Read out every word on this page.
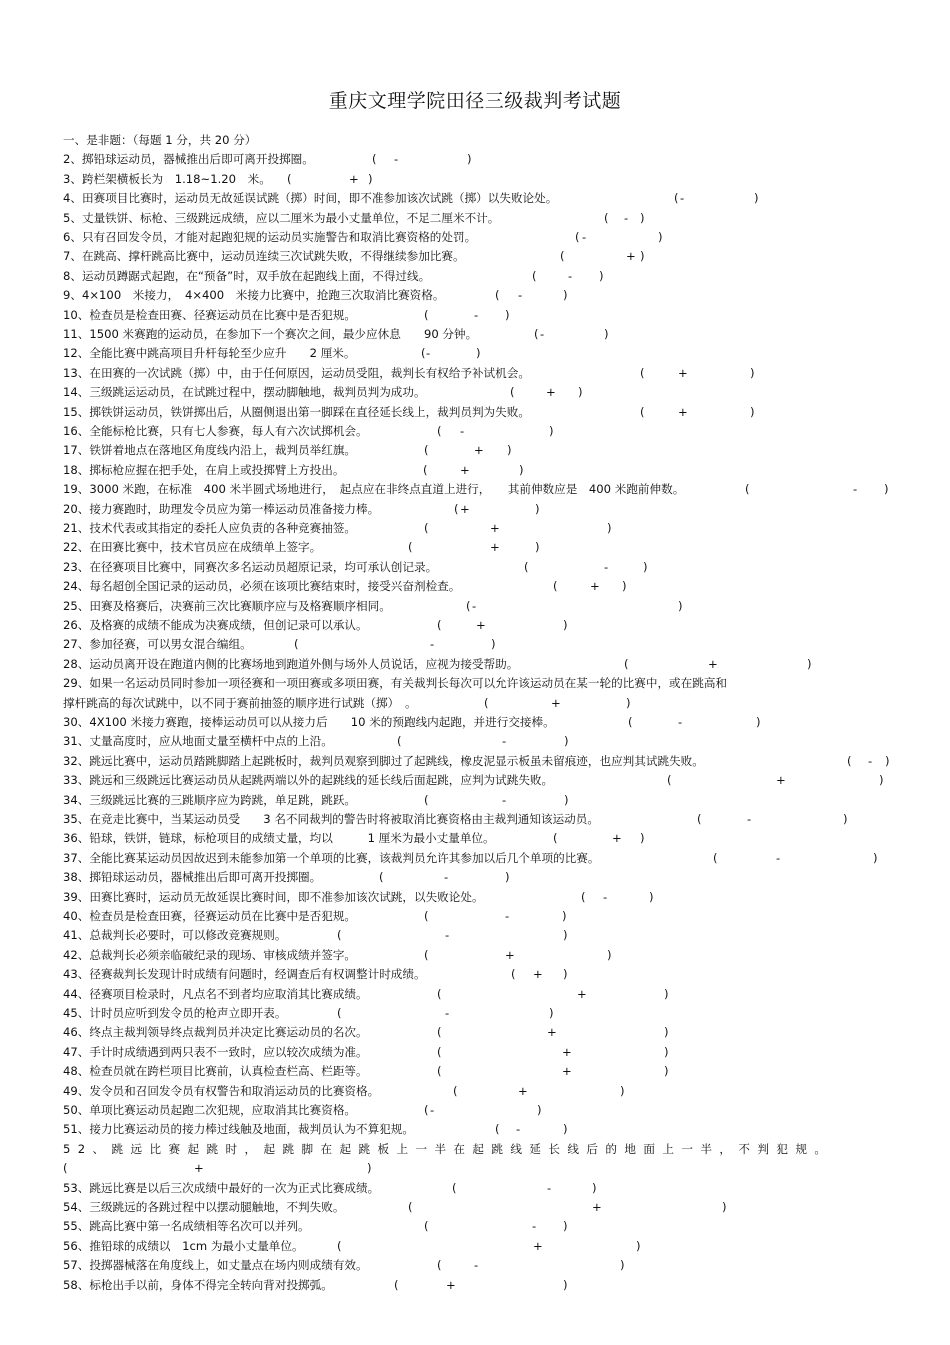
重庆文理学院田径三级裁判考试题
一、是非题：（每题 1 分，共 20 分）
2、掷铅球运动员，器械推出后即可离开投掷圈。	( -	)
3、跨栏架横板长为　1.18~1.20　米。 (	+ )
4、田赛项目比赛时，运动员无故延误试跳（掷）时间，即不准参加该次试跳（掷）以失败论处。	( -	)
5、丈量铁饼、标枪、三级跳远成绩，应以二厘米为最小丈量单位，不足二厘米不计。	( - )
6、只有召回发令员，才能对起跑犯规的运动员实施警告和取消比赛资格的处罚。	( -	)
7、在跳高、撑杆跳高比赛中，运动员连续三次试跳失败，不得继续参加比赛。	(	+ )
8、运动员蹲踞式起跑，在“预备”时，双手放在起跑线上面，不得过线。	(	- )
9、4×100　米接力，　4×400　米接力比赛中，抢跑三次取消比赛资格。	( -	)
10、检查员是检查田赛、径赛运动员在比赛中是否犯规。	(	- )
11、1500 米赛跑的运动员，在参加下一个赛次之间，最少应休息　　90 分钟。	( -	)
12、全能比赛中跳高项目升杆每轮至少应升　　2 厘米。	( -	)
13、在田赛的一次试跳（掷）中，由于任何原因，运动员受阻，裁判长有权给予补试机会。	(	+	)
14、三级跳运运动员，在试跳过程中，摆动脚触地，裁判员判为成功。	(	+ )
15、掷铁饼运动员，铁饼掷出后，从圈侧退出第一脚踩在直径延长线上，裁判员判为失败。	(	+	)
16、全能标枪比赛，只有七人参赛，每人有六次试掷机会。	( -	)
17、铁饼着地点在落地区角度线内沿上，裁判员举红旗。	(	+ )
18、掷标枪应握在把手处，在肩上或投掷臂上方投出。	(	+	)
19、3000 米跑，在标准　400 米半圆式场地进行，　起点应在非终点直道上进行，　　其前伸数应是　400 米跑前伸数。	(	- )
20、接力赛跑时，助理发令员应为第一棒运动员准备接力棒。	( +	)
21、技术代表或其指定的委托人应负责的各种竞赛抽签。	(	+	)
22、在田赛比赛中，技术官员应在成绩单上签字。	(	+	)
23、在径赛项目比赛中，同赛次多名运动员超原记录，均可承认创记录。	(	-	)
24、每名超创全国记录的运动员，必须在该项比赛结束时，接受兴奋剂检查。	(	+ )
25、田赛及格赛后，决赛前三次比赛顺序应与及格赛顺序相同。	( -	)
26、及格赛的成绩不能成为决赛成绩，但创记录可以承认。	(	+	)
27、参加径赛，可以男女混合编组。	(	-	)
28、运动员离开设在跑道内侧的比赛场地到跑道外侧与场外人员说话，应视为接受帮助。	(	+	)
29、如果一名运动员同时参加一项径赛和一项田赛或多项田赛，有关裁判长每次可以允许该运动员在某一轮的比赛中，或在跳高和
撑杆跳高的每次试跳中，以不同于赛前抽签的顺序进行试跳（掷）　。	(	+	)
30、4X100 米接力赛跑，接棒运动员可以从接力后　　10 米的预跑线内起跑，并进行交接棒。	(	-	)
31、丈量高度时，应从地面丈量至横杆中点的上沿。	(	-	)
32、跳远比赛中，运动员踏跳脚踏上起跳板时，裁判员观察到脚过了起跳线，橡皮泥显示板虽未留痕迹，也应判其试跳失败。	( - )
33、跳远和三级跳远比赛运动员从起跳两端以外的起跳线的延长线后面起跳，应判为试跳失败。	(	+	)
34、三级跳远比赛的三跳顺序应为跨跳，单足跳，跳跃。	(	-	)
35、在竞走比赛中，当某运动员受　　3 名不同裁判的警告时将被取消比赛资格由主裁判通知该运动员。	(	-	)
36、铅球，铁饼，链球，标枪项目的成绩丈量，均以　　　1 厘米为最小丈量单位。	(	+ )
37、全能比赛某运动员因故迟到未能参加第一个单项的比赛，该裁判员允许其参加以后几个单项的比赛。	(	-	)
38、掷铅球运动员，器械推出后即可离开投掷圈。	(	-	)
39、田赛比赛时，运动员无故延误比赛时间，即不准参加该次试跳，以失败论处。	( -	)
40、检查员是检查田赛，径赛运动员在比赛中是否犯规。	(	-	)
41、总裁判长必要时，可以修改竞赛规则。	(	-	)
42、总裁判长必须亲临破纪录的现场、审核成绩并签字。	(	+	)
43、径赛裁判长发现计时成绩有问题时，经调查后有权调整计时成绩。	( + )
44、径赛项目检录时，凡点名不到者均应取消其比赛成绩。	(	+	)
45、计时员应听到发令员的枪声立即开表。	(	-	)
46、终点主裁判领导终点裁判员并决定比赛运动员的名次。	(	+	)
47、手计时成绩遇到两只表不一致时，应以较次成绩为准。	(	+	)
48、检查员就在跨栏项目比赛前，认真检查栏高、栏距等。	(	+	)
49、发令员和召回发令员有权警告和取消运动员的比赛资格。	(	+	)
50、单项比赛运动员起跑二次犯规，应取消其比赛资格。	( -	)
51、接力比赛运动员的接力棒过线触及地面，裁判员认为不算犯规。	( -	)
52、跳远比赛起跳时，起跳脚在起跳板上一半在起跳线延长线后的地面上一半，不判犯规。
(	+	)
53、跳远比赛是以后三次成绩中最好的一次为正式比赛成绩。	(	-	)
54、三级跳远的各跳过程中以摆动腿触地，不判失败。	(	+	)
55、跳高比赛中第一名成绩相等名次可以并列。	(	- )
56、推铅球的成绩以　1cm 为最小丈量单位。	(	+	)
57、投掷器械落在角度线上，如丈量点在场内则成绩有效。	(	-	)
58、标枪出手以前，身体不得完全转向背对投掷弧。	(	+	)
